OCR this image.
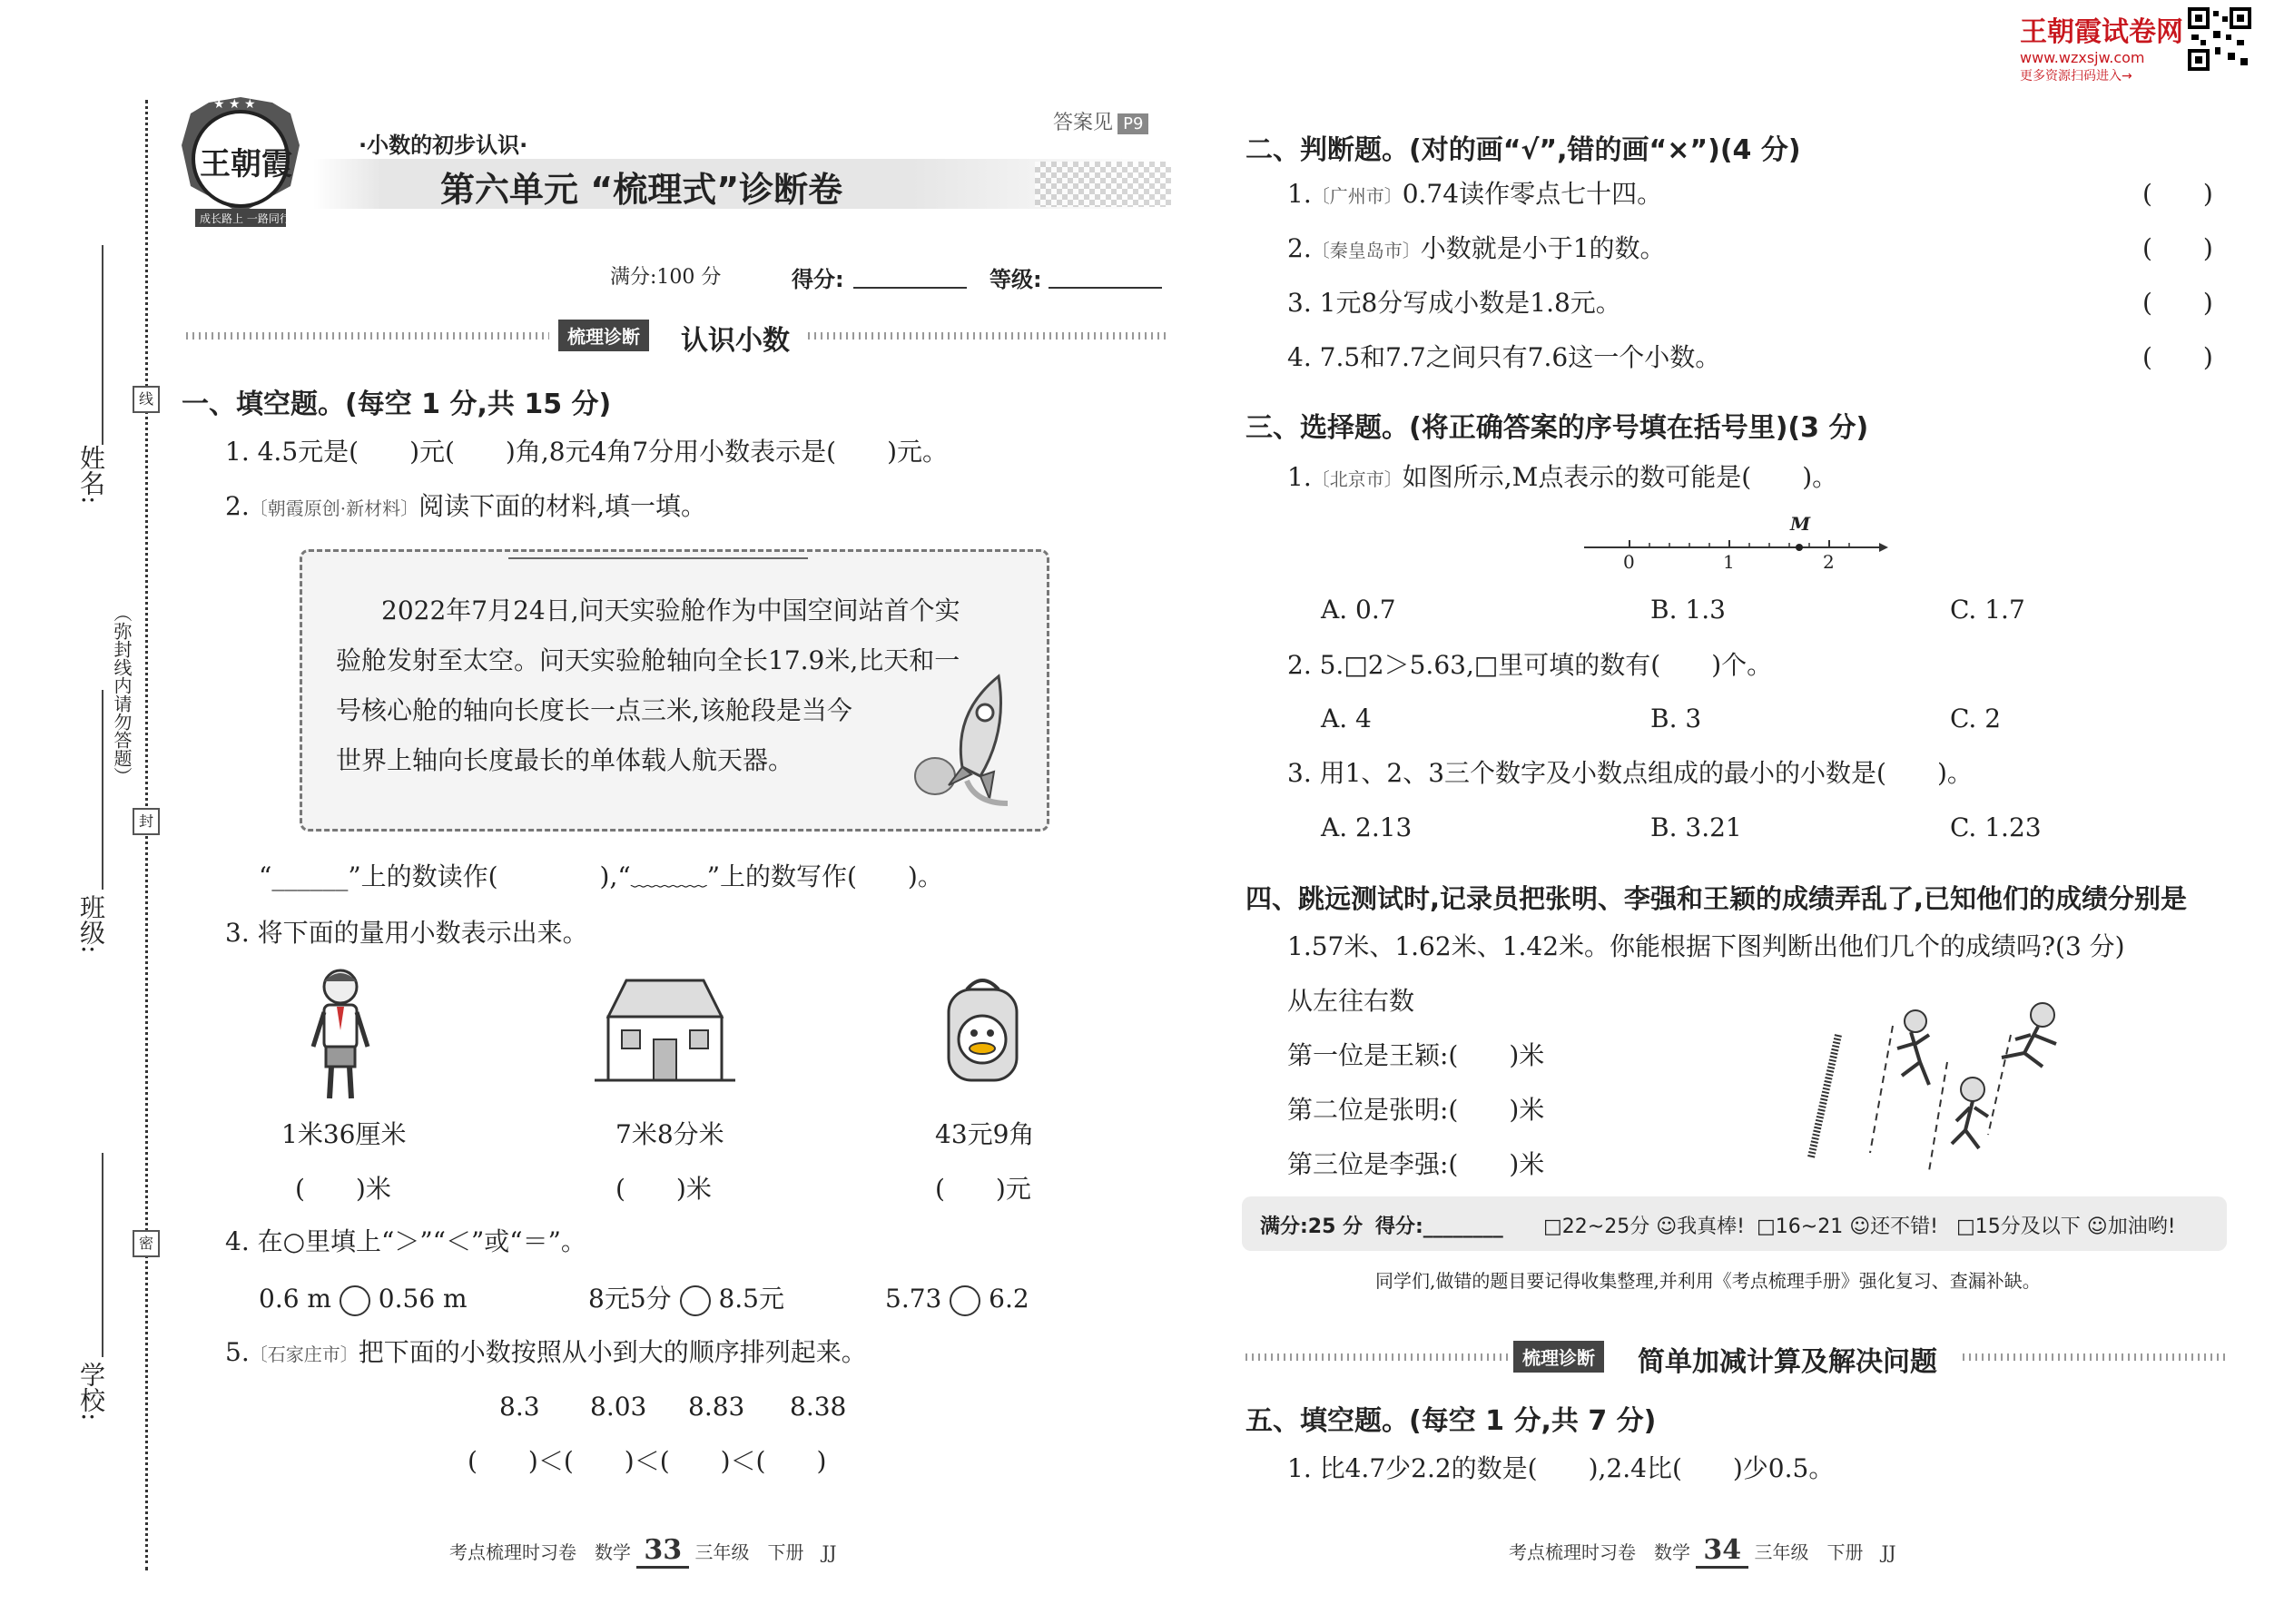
姓名:
线
（弥封线内请勿答题）
封
班级:
密
学校:
王朝霞试卷网
www.wzxsjw.com
更多资源扫码进入→
答案见 P9
★ ★ ★
王朝霞
成长路上 一路同行
·小数的初步认识·
第六单元 “梳理式”诊断卷
满分:100 分	得分:	等级:
梳理诊断	认识小数
一、填空题。(每空 1 分,共 15 分)
1. 4.5元是(　　)元(　　)角,8元4角7分用小数表示是(　　)元。
2.〔朝霞原创·新材料〕阅读下面的材料,填一填。
2022年7月24日,问天实验舱作为中国空间站首个实
验舱发射至太空。问天实验舱轴向全长17.9米,比天和一
号核心舱的轴向长度长一点三米,该舱段是当今
世界上轴向长度最长的单体载人航天器。
“______”上的数读作(　　　　),“﹏﹏﹏”上的数写作(　　)。
3. 将下面的量用小数表示出来。
1米36厘米	7米8分米	43元9角
(　　)米	(　　)米	(　　)元
4. 在○里填上“＞”“＜”或“＝”。
0.6 m 0.56 m	8元5分 8.5元	5.73 6.2
5.〔石家庄市〕把下面的小数按照从小到大的顺序排列起来。
8.3 8.03 8.83 8.38
(　　)＜(　　)＜(　　)＜(　　)
考点梳理时习卷　数学 33 三年级　下册　JJ
二、判断题。(对的画“√”,错的画“×”)(4 分)
1.〔广州市〕0.74读作零点七十四。	(　　)
2.〔秦皇岛市〕小数就是小于1的数。	(　　)
3. 1元8分写成小数是1.8元。	(　　)
4. 7.5和7.7之间只有7.6这一个小数。	(　　)
三、选择题。(将正确答案的序号填在括号里)(3 分)
1.〔北京市〕如图所示,M点表示的数可能是(　　)。
M
0	1	2
A. 0.7	B. 1.3	C. 1.7
2. 5.□2＞5.63,□里可填的数有(　　)个。
A. 4	B. 3	C. 2
3. 用1、2、3三个数字及小数点组成的最小的小数是(　　)。
A. 2.13	B. 3.21	C. 1.23
四、跳远测试时,记录员把张明、李强和王颖的成绩弄乱了,已知他们的成绩分别是
1.57米、1.62米、1.42米。你能根据下图判断出他们几个的成绩吗?(3 分)
从左往右数
第一位是王颖:(　　)米
第二位是张明:(　　)米
第三位是李强:(　　)米
满分:25 分 得分:________ □22~25分 ☺我真棒! □16~21 ☺还不错! □15分及以下 ☺加油哟!
同学们,做错的题目要记得收集整理,并利用《考点梳理手册》强化复习、查漏补缺。
梳理诊断	简单加减计算及解决问题
五、填空题。(每空 1 分,共 7 分)
1. 比4.7少2.2的数是(　　),2.4比(　　)少0.5。
考点梳理时习卷　数学 34 三年级　下册　JJ
